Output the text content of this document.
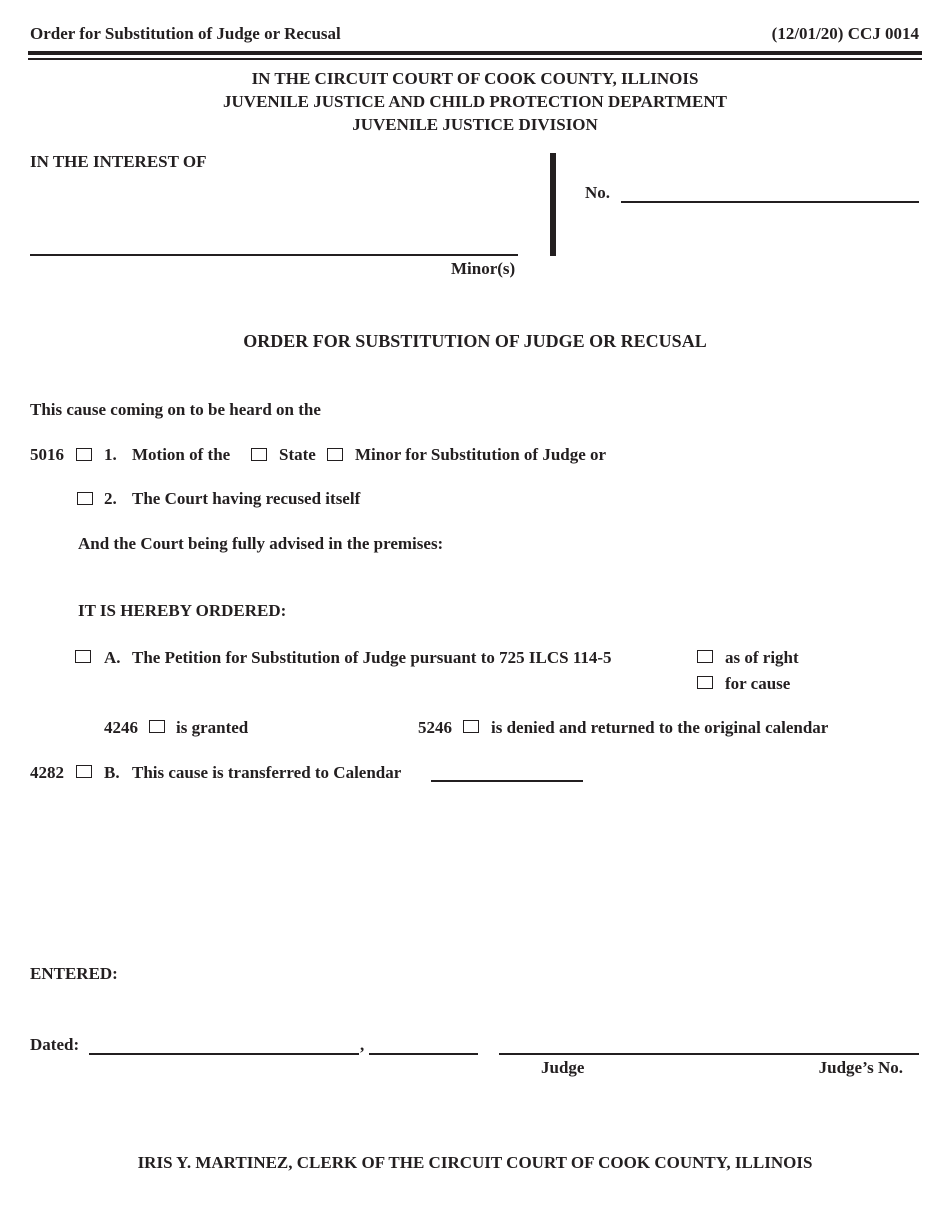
Order for Substitution of Judge or Recusal	(12/01/20) CCJ 0014
IN THE CIRCUIT COURT OF COOK COUNTY, ILLINOIS
JUVENILE JUSTICE AND CHILD PROTECTION DEPARTMENT
JUVENILE JUSTICE DIVISION
IN THE INTEREST OF
Minor(s)
No.
ORDER FOR SUBSTITUTION OF JUDGE OR RECUSAL
This cause coming on to be heard on the
5016 1. Motion of the	State Minor for Substitution of Judge or
2. The Court having recused itself
And the Court being fully advised in the premises:
IT IS HEREBY ORDERED:
A. The Petition for Substitution of Judge pursuant to 725 ILCS 114-5	as of right
for cause
4246 is granted	5246 is denied and returned to the original calendar
4282 B. This cause is transferred to Calendar
ENTERED:
Dated:	,
Judge	Judge’s No.
IRIS Y. MARTINEZ, CLERK OF THE CIRCUIT COURT OF COOK COUNTY, ILLINOIS
